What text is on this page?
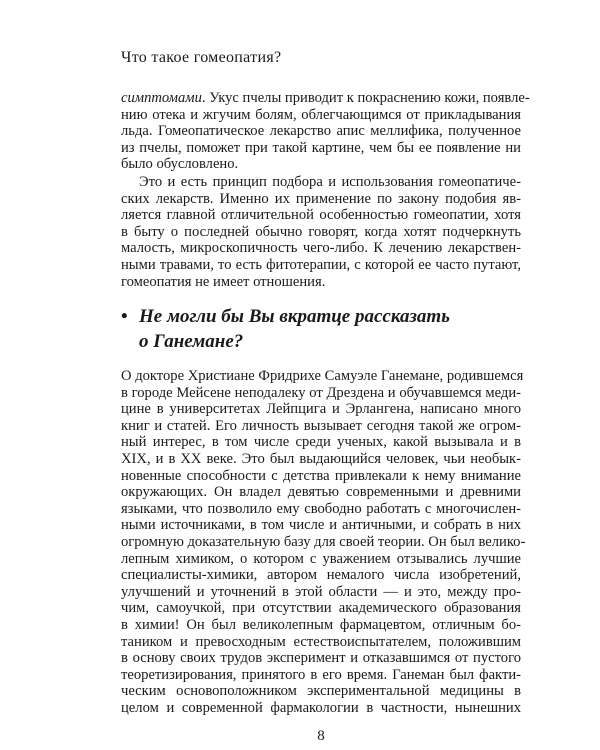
Что такое гомеопатия?
симптомами. Укус пчелы приводит к покраснению кожи, появле-
нию отека и жгучим болям, облегчающимся от прикладывания
льда. Гомеопатическое лекарство апис меллифика, полученное
из пчелы, поможет при такой картине, чем бы ее появление ни
было обусловлено.
Это и есть принцип подбора и использования гомеопатиче-
ских лекарств. Именно их применение по закону подобия яв-
ляется главной отличительной особенностью гомеопатии, хотя
в быту о последней обычно говорят, когда хотят подчеркнуть
малость, микроскопичность чего-либо. К лечению лекарствен-
ными травами, то есть фитотерапии, с которой ее часто путают,
гомеопатия не имеет отношения.
• Не могли бы Вы вкратце рассказать
о Ганемане?
О докторе Христиане Фридрихе Самуэле Ганемане, родившемся
в городе Мейсене неподалеку от Дрездена и обучавшемся меди-
цине в университетах Лейпцига и Эрлангена, написано много
книг и статей. Его личность вызывает сегодня такой же огром-
ный интерес, в том числе среди ученых, какой вызывала и в
XIX, и в XX веке. Это был выдающийся человек, чьи необык-
новенные способности с детства привлекали к нему внимание
окружающих. Он владел девятью современными и древними
языками, что позволило ему свободно работать с многочислен-
ными источниками, в том числе и античными, и собрать в них
огромную доказательную базу для своей теории. Он был велико-
лепным химиком, о котором с уважением отзывались лучшие
специалисты-химики, автором немалого числа изобретений,
улучшений и уточнений в этой области — и это, между про-
чим, самоучкой, при отсутствии академического образования
в химии! Он был великолепным фармацевтом, отличным бо-
таником и превосходным естествоиспытателем, положившим
в основу своих трудов эксперимент и отказавшимся от пустого
теоретизирования, принятого в его время. Ганеман был факти-
ческим основоположником экспериментальной медицины в
целом и современной фармакологии в частности, нынешних
8
